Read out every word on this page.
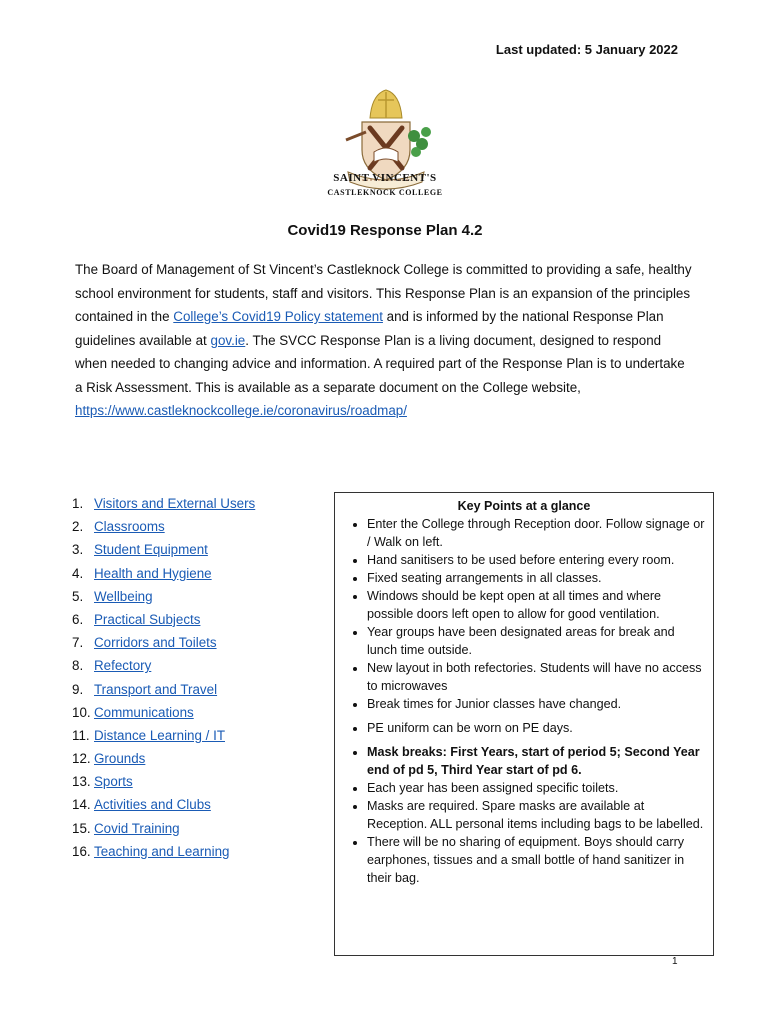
Last updated: 5 January 2022
SAINT VINCENT'S
CASTLEKNOCK COLLEGE
Covid19 Response Plan 4.2
The Board of Management of St Vincent’s Castleknock College is committed to providing a safe, healthy school environment for students, staff and visitors. This Response Plan is an expansion of the principles contained in the College’s Covid19 Policy statement and is informed by the national Response Plan guidelines available at gov.ie. The SVCC Response Plan is a living document, designed to respond when needed to changing advice and information. A required part of the Response Plan is to undertake a Risk Assessment. This is available as a separate document on the College website, https://www.castleknockcollege.ie/coronavirus/roadmap/
1. Visitors and External Users
2. Classrooms
3. Student Equipment
4. Health and Hygiene
5. Wellbeing
6. Practical Subjects
7. Corridors and Toilets
8. Refectory
9. Transport and Travel
10. Communications
11. Distance Learning / IT
12. Grounds
13. Sports
14. Activities and Clubs
15. Covid Training
16. Teaching and Learning
Key Points at a glance
• Enter the College through Reception door. Follow signage or / Walk on left.
• Hand sanitisers to be used before entering every room.
• Fixed seating arrangements in all classes.
• Windows should be kept open at all times and where possible doors left open to allow for good ventilation.
• Year groups have been designated areas for break and lunch time outside.
• New layout in both refectories. Students will have no access to microwaves
• Break times for Junior classes have changed.
• PE uniform can be worn on PE days.
• Mask breaks: First Years, start of period 5; Second Year end of pd 5, Third Year start of pd 6.
• Each year has been assigned specific toilets.
• Masks are required. Spare masks are available at Reception. ALL personal items including bags to be labelled.
• There will be no sharing of equipment. Boys should carry earphones, tissues and a small bottle of hand sanitizer in their bag.
1
